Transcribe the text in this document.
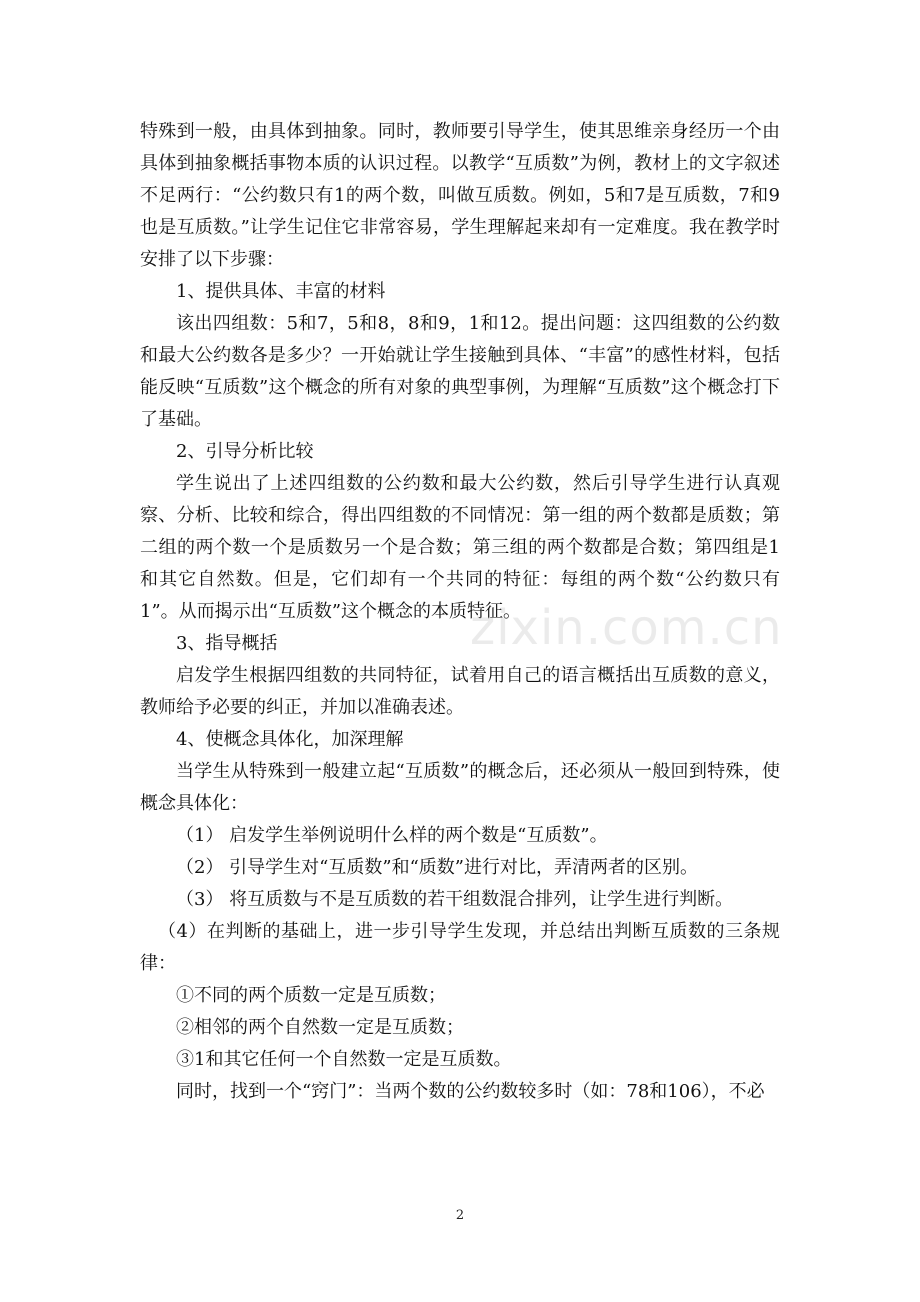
特殊到一般，由具体到抽象。同时，教师要引导学生，使其思维亲身经历一个由具体到抽象概括事物本质的认识过程。以教学“互质数”为例，教材上的文字叙述不足两行：“公约数只有1的两个数，叫做互质数。例如，5和7是互质数，7和9也是互质数。”让学生记住它非常容易，学生理解起来却有一定难度。我在教学时安排了以下步骤：

1、提供具体、丰富的材料

该出四组数：5和7，5和8，8和9，1和12。提出问题：这四组数的公约数和最大公约数各是多少？一开始就让学生接触到具体、“丰富”的感性材料，包括能反映“互质数”这个概念的所有对象的典型事例，为理解“互质数”这个概念打下了基础。

2、引导分析比较

学生说出了上述四组数的公约数和最大公约数，然后引导学生进行认真观察、分析、比较和综合，得出四组数的不同情况：第一组的两个数都是质数；第二组的两个数一个是质数另一个是合数；第三组的两个数都是合数；第四组是1和其它自然数。但是，它们却有一个共同的特征：每组的两个数“公约数只有1”。从而揭示出“互质数”这个概念的本质特征。

3、指导概括

启发学生根据四组数的共同特征，试着用自己的语言概括出互质数的意义，教师给予必要的纠正，并加以准确表述。

4、使概念具体化，加深理解

当学生从特殊到一般建立起“互质数”的概念后，还必须从一般回到特殊，使概念具体化：

（1） 启发学生举例说明什么样的两个数是“互质数”。

（2） 引导学生对“互质数”和“质数”进行对比，弄清两者的区别。

（3） 将互质数与不是互质数的若干组数混合排列，让学生进行判断。

（4）在判断的基础上，进一步引导学生发现，并总结出判断互质数的三条规律：

①不同的两个质数一定是互质数；

②相邻的两个自然数一定是互质数；

③1和其它任何一个自然数一定是互质数。

同时，找到一个“窍门”：当两个数的公约数较多时（如：78和106），不必

zixin.com.cn
2
